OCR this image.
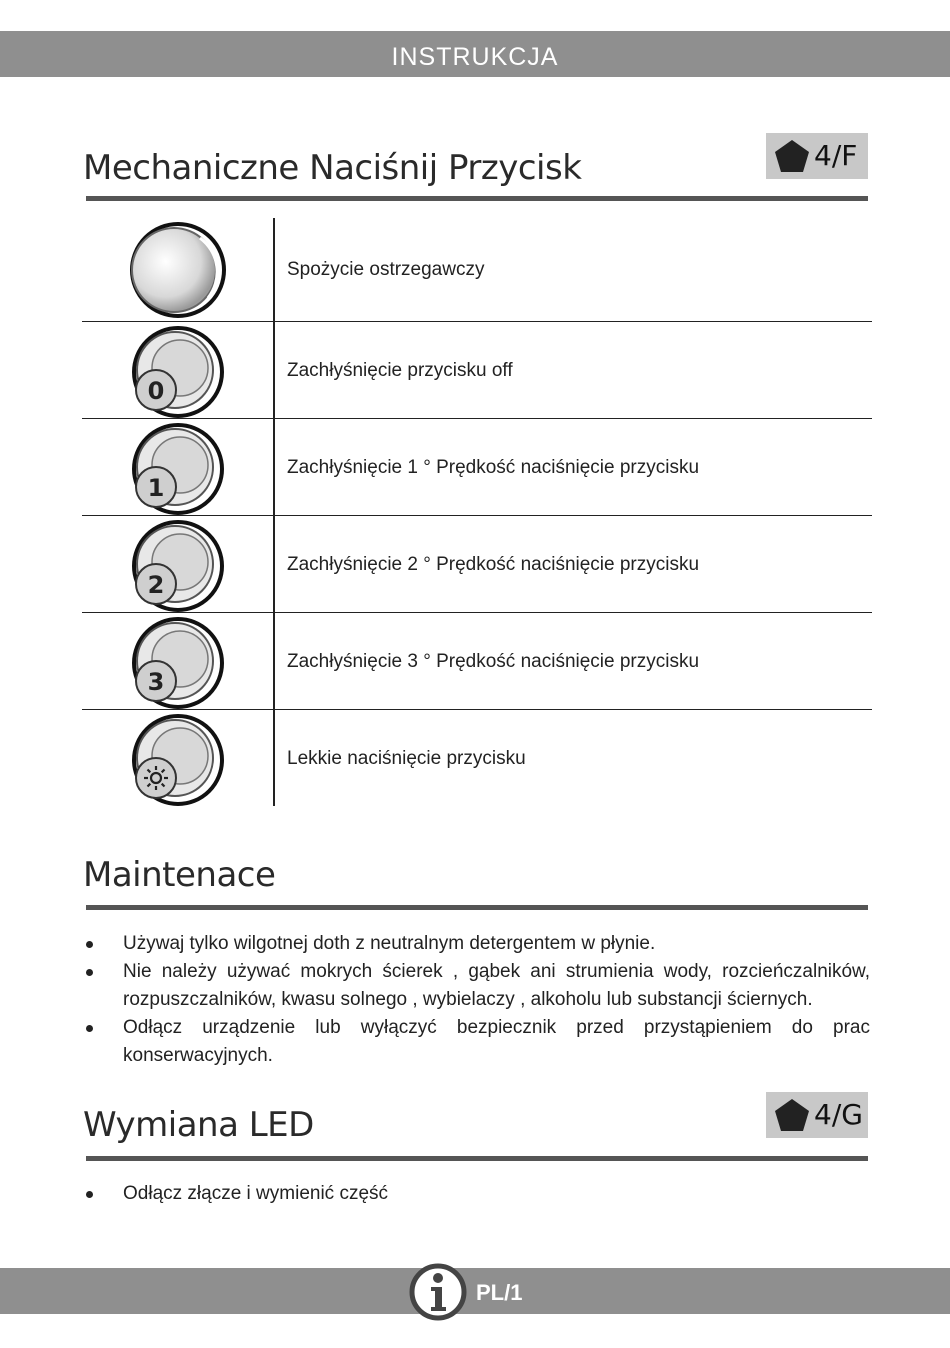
INSTRUKCJA
Mechaniczne Naciśnij Przycisk	4/F
Spożycie ostrzegawczy
0
Zachłyśnięcie przycisku off
1
Zachłyśnięcie 1 ° Prędkość naciśnięcie przycisku
2
Zachłyśnięcie 2 ° Prędkość naciśnięcie przycisku
3
Zachłyśnięcie 3 ° Prędkość naciśnięcie przycisku
Lekkie naciśnięcie przycisku
Maintenace
Używaj tylko wilgotnej doth z neutralnym detergentem w płynie.
Nie należy używać mokrych ścierek , gąbek ani strumienia wody, rozcieńczalników, rozpuszczalników, kwasu solnego , wybielaczy , alkoholu lub substancji ściernych.
Odłącz urządzenie lub wyłączyć bezpiecznik przed przystąpieniem do prac konserwacyjnych.
Wymiana LED	4/G
Odłącz złącze i wymienić część
PL/1
